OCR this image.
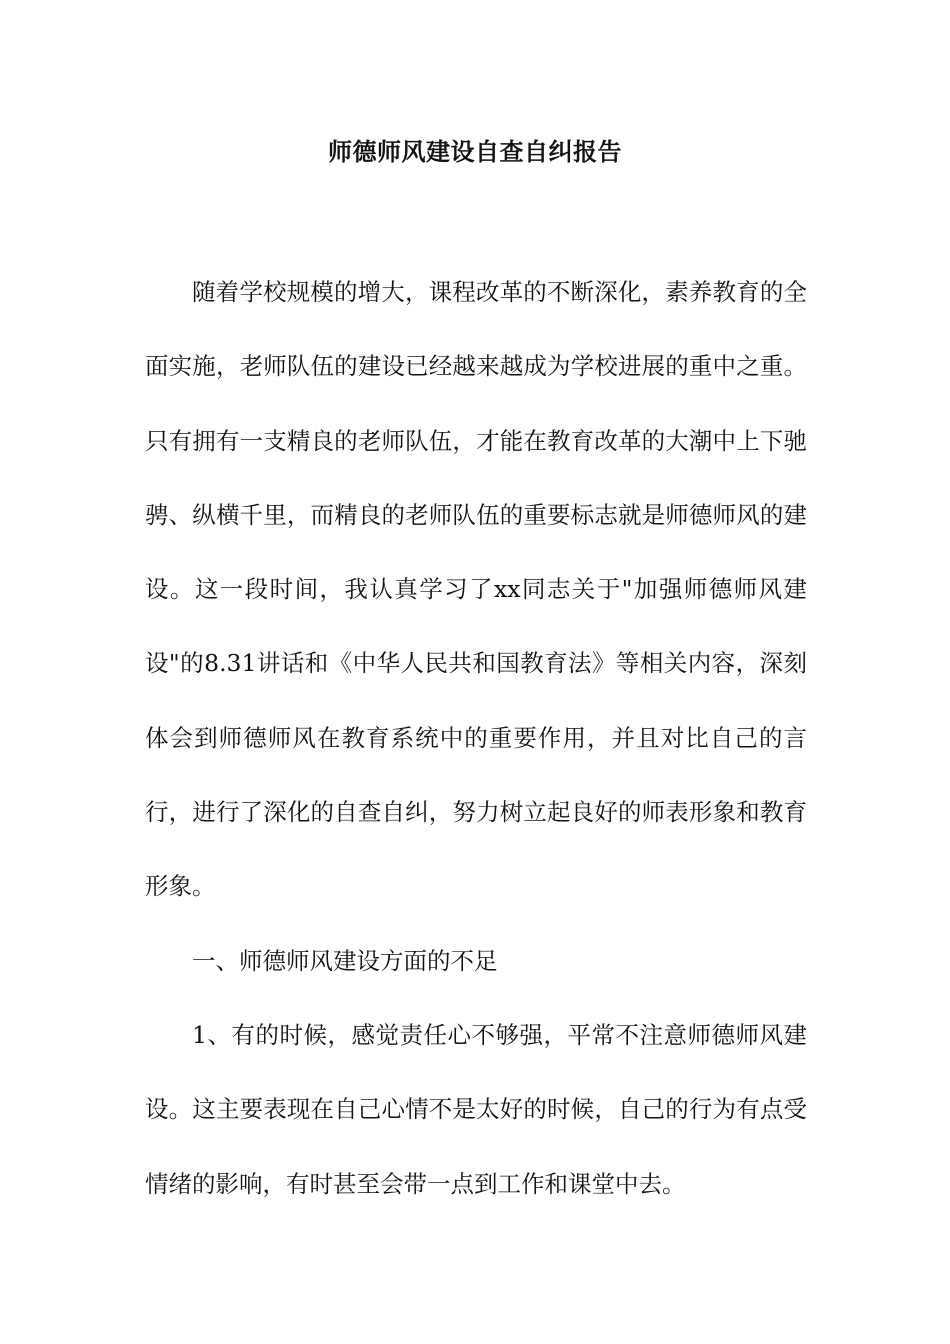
师德师风建设自查自纠报告

随着学校规模的增大，课程改革的不断深化，素养教育的全面实施，老师队伍的建设已经越来越成为学校进展的重中之重。只有拥有一支精良的老师队伍，才能在教育改革的大潮中上下驰骋、纵横千里，而精良的老师队伍的重要标志就是师德师风的建设。这一段时间，我认真学习了xx同志关于"加强师德师风建设"的8.31讲话和《中华人民共和国教育法》等相关内容，深刻体会到师德师风在教育系统中的重要作用，并且对比自己的言行，进行了深化的自查自纠，努力树立起良好的师表形象和教育形象。

一、师德师风建设方面的不足

1、有的时候，感觉责任心不够强，平常不注意师德师风建设。这主要表现在自己心情不是太好的时候，自己的行为有点受情绪的影响，有时甚至会带一点到工作和课堂中去。
